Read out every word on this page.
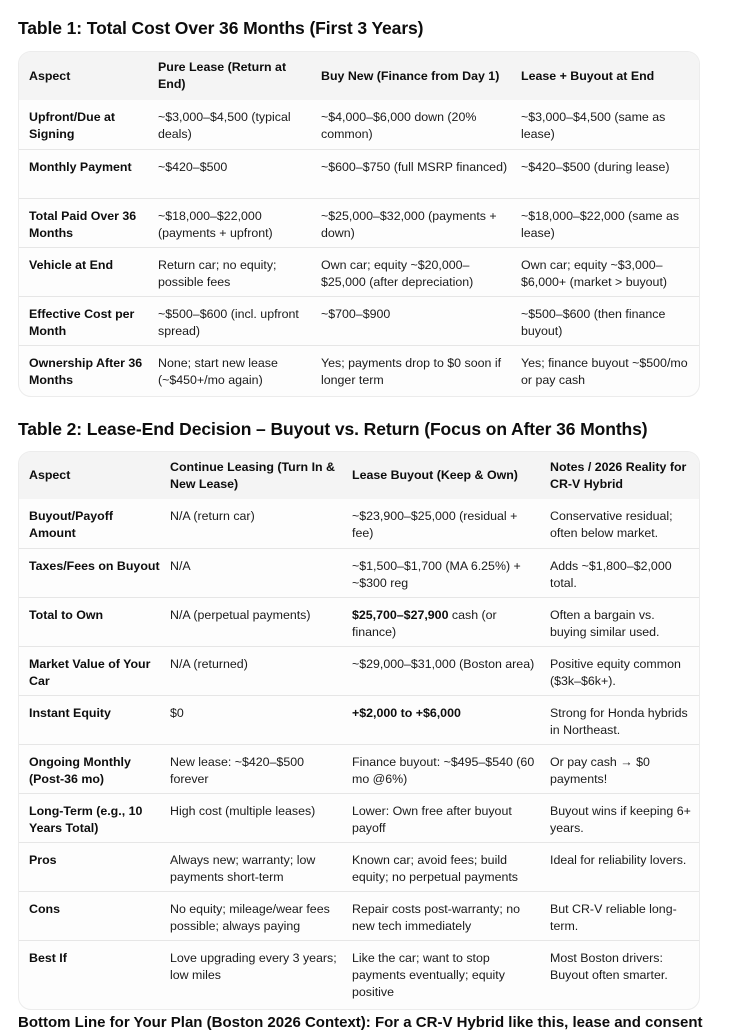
Table 1: Total Cost Over 36 Months (First 3 Years)
Aspect	Pure Lease (Return at End)	Buy New (Finance from Day 1)	Lease + Buyout at End
Upfront/Due at Signing	~$3,000–$4,500 (typical deals)	~$4,000–$6,000 down (20% common)	~$3,000–$4,500 (same as lease)
Monthly Payment	~$420–$500	~$600–$750 (full MSRP financed)	~$420–$500 (during lease)
Total Paid Over 36 Months	~$18,000–$22,000 (payments + upfront)	~$25,000–$32,000 (payments + down)	~$18,000–$22,000 (same as lease)
Vehicle at End	Return car; no equity; possible fees	Own car; equity ~$20,000–$25,000 (after depreciation)	Own car; equity ~$3,000–$6,000+ (market > buyout)
Effective Cost per Month	~$500–$600 (incl. upfront spread)	~$700–$900	~$500–$600 (then finance buyout)
Ownership After 36 Months	None; start new lease (~$450+/mo again)	Yes; payments drop to $0 soon if longer term	Yes; finance buyout ~$500/mo or pay cash
Table 2: Lease-End Decision – Buyout vs. Return (Focus on After 36 Months)
Aspect	Continue Leasing (Turn In & New Lease)	Lease Buyout (Keep & Own)	Notes / 2026 Reality for CR-V Hybrid
Buyout/Payoff Amount	N/A (return car)	~$23,900–$25,000 (residual + fee)	Conservative residual; often below market.
Taxes/Fees on Buyout	N/A	~$1,500–$1,700 (MA 6.25%) + ~$300 reg	Adds ~$1,800–$2,000 total.
Total to Own	N/A (perpetual payments)	$25,700–$27,900 cash (or finance)	Often a bargain vs. buying similar used.
Market Value of Your Car	N/A (returned)	~$29,000–$31,000 (Boston area)	Positive equity common ($3k–$6k+).
Instant Equity	$0	+$2,000 to +$6,000	Strong for Honda hybrids in Northeast.
Ongoing Monthly (Post-36 mo)	New lease: ~$420–$500 forever	Finance buyout: ~$495–$540 (60 mo @6%)	Or pay cash → $0 payments!
Long-Term (e.g., 10 Years Total)	High cost (multiple leases)	Lower: Own free after buyout payoff	Buyout wins if keeping 6+ years.
Pros	Always new; warranty; low payments short-term	Known car; avoid fees; build equity; no perpetual payments	Ideal for reliability lovers.
Cons	No equity; mileage/wear fees possible; always paying	Repair costs post-warranty; no new tech immediately	But CR-V reliable long-term.
Best If	Love upgrading every 3 years; low miles	Like the car; want to stop payments eventually; equity positive	Most Boston drivers: Buyout often smarter.
Bottom Line for Your Plan (Boston 2026 Context): For a CR-V Hybrid like this, lease and consent
